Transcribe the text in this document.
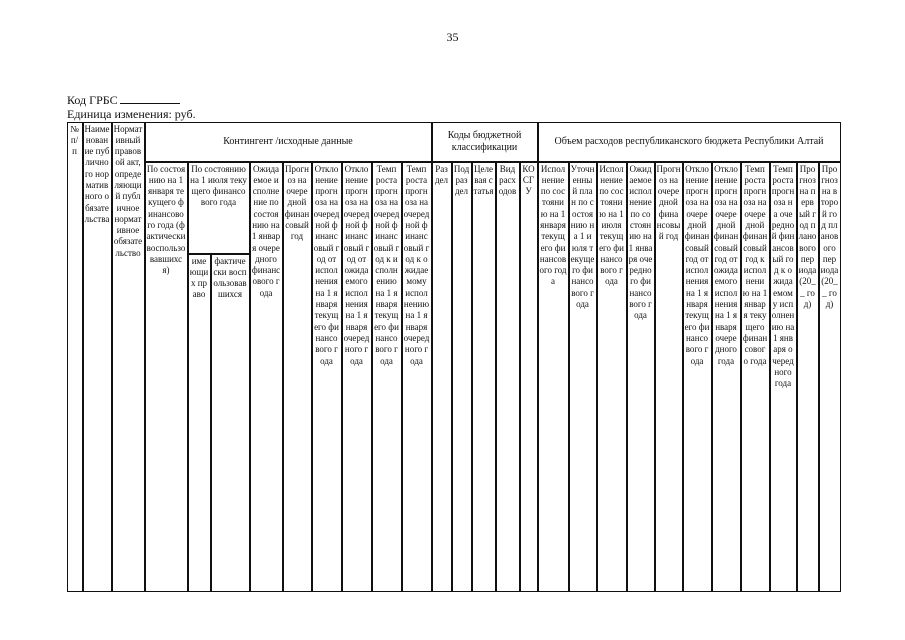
35
Код ГРБС
Единица изменения: руб.
№ п/п
Наименование публичного нормативного обязательства
Нормативный правовой акт, определяющий публичное нормативное обязательство
Контингент /исходные данные
Коды бюджетной классификации
Объем расходов республиканского бюджета Республики Алтай
По состоянию на 1 января текущего финансового года (фактически воспользовавшихся)
По состоянию на 1 июля текущего финансового года
имеющих право
фактически воспользовавшихся
Ожидаемое исполнение по состоянию на 1 января очередного финансового года
Прогноз на очередной финансовый год
Отклонение прогноза на очередной финансовый год от исполнения на 1 января текущего финансового года
Отклонение прогноза на очередной финансовый год от ожидаемого исполнения на 1 января очередного года
Темп роста прогноза на очередной финансовый год к исполнению на 1 января текущего финансового года
Темп роста прогноза на очередной финансовый год к ожидаемому исполнению на 1 января очередного года
Раздел
Подраздел
Целевая статья
Вид расходов
КОСГУ
Исполнение по состоянию на 1 января текущего финансового года
Уточненный план по состоянию на 1 июля текущего финансового года
Исполнение по состоянию на 1 июля текущего финансового года
Ожидаемое исполнение по состоянию на 1 января очередного финансового года
Прогноз на очередной финансовый год
Отклонение прогноза на очередной финансовый год от исполнения на 1 января текущего финансового года
Отклонение прогноза на очередной финансовый год от ожидаемого исполнения на 1 января очередного года
Темп роста прогноза на очередной финансовый год к исполнению на 1 января текущего финансового года
Темп роста прогноза на очередной финансовый год к ожидаемому исполнению на 1 января очередного года
Прогноз на первый год планового периода (20__ год)
Прогноз на второй год планового периода (20__ год)
